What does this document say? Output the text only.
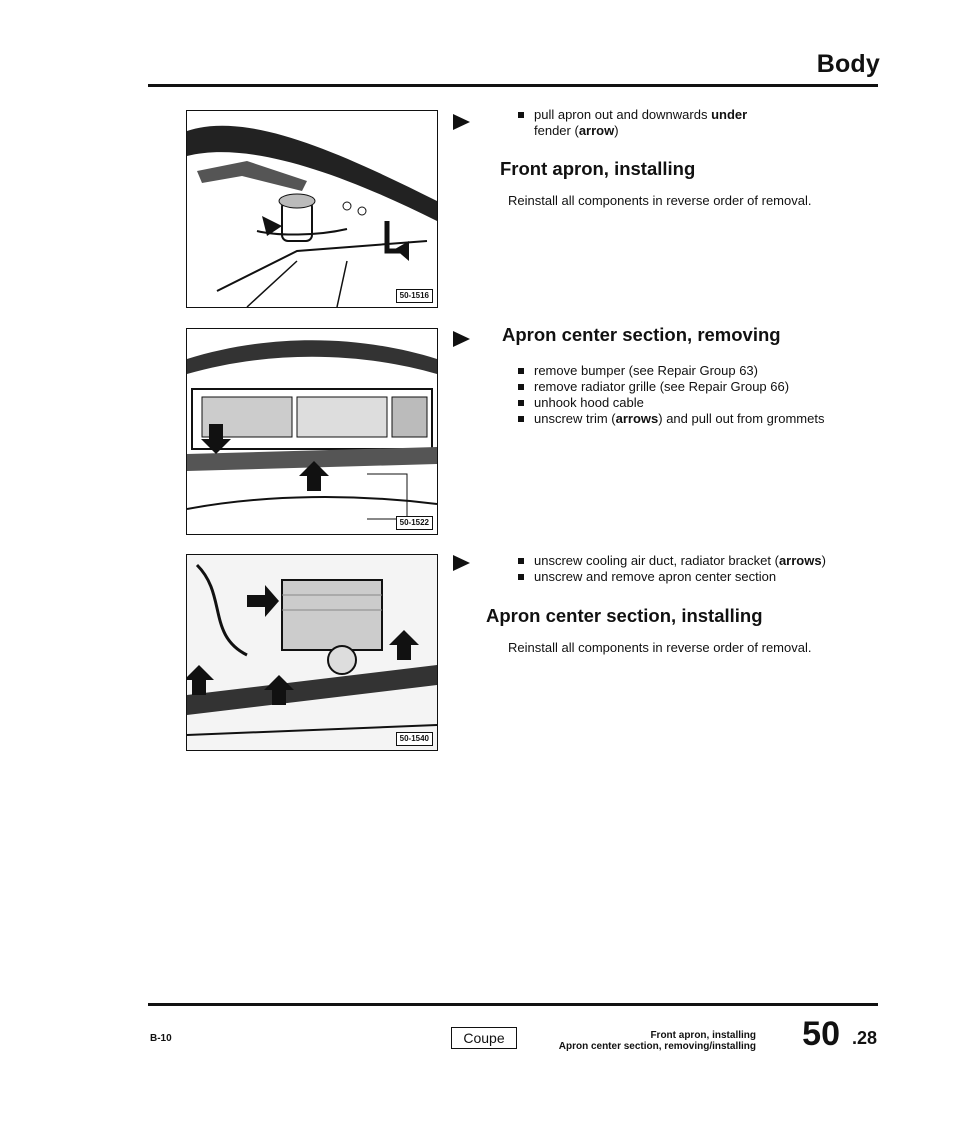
Body
50-1516
50-1522
50-1540
pull apron out and downwards under
fender (arrow)
Front apron, installing

Reinstall all components in reverse order of removal.

Apron center section, removing
remove bumper (see Repair Group 63)
remove radiator grille (see Repair Group 66)
unhook hood cable
unscrew trim (arrows) and pull out from grommets
unscrew cooling air duct, radiator bracket (arrows)
unscrew and remove apron center section
Apron center section, installing

Reinstall all components in reverse order of removal.

B-10	Coupe	Front apron, installing
Apron center section, removing/installing 50 .28
